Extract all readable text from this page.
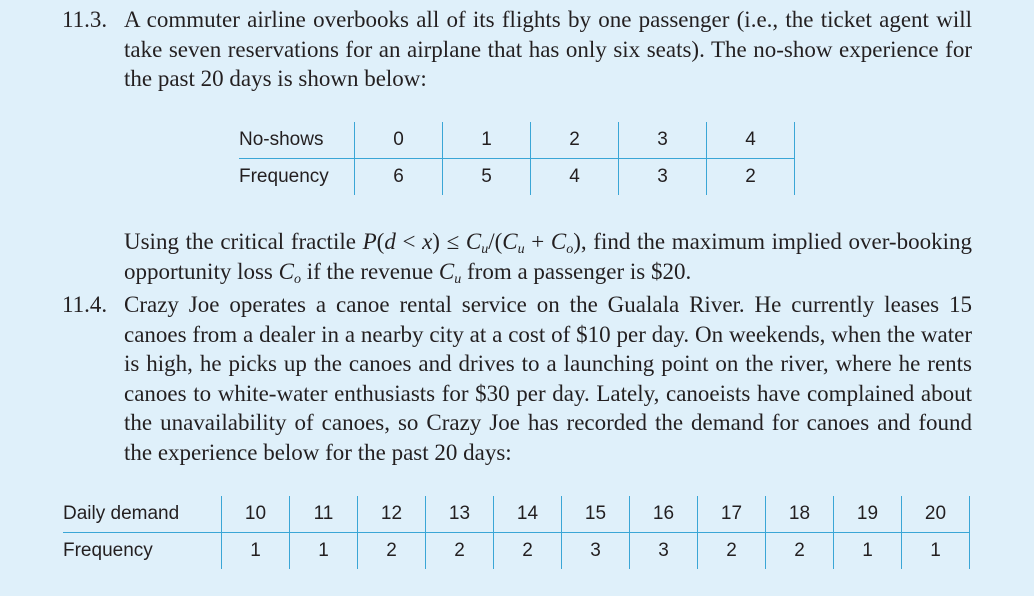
11.3. A commuter airline overbooks all of its flights by one passenger (i.e., the ticket agent will take seven reservations for an airplane that has only six seats). The no-show experience for the past 20 days is shown below:
No-shows	0	1	2	3	4
Frequency	6	5	4	3	2
Using the critical fractile $P(d < x) \le C_u/(C_u + C_o)$, find the maximum implied over-booking opportunity loss $C_o$ if the revenue $C_u$ from a passenger is $20.
11.4. Crazy Joe operates a canoe rental service on the Gualala River. He currently leases 15 canoes from a dealer in a nearby city at a cost of $10 per day. On weekends, when the water is high, he picks up the canoes and drives to a launching point on the river, where he rents canoes to white-water enthusiasts for $30 per day. Lately, canoeists have complained about the unavailability of canoes, so Crazy Joe has recorded the demand for canoes and found the experience below for the past 20 days:
Daily demand	10	11	12	13	14	15	16	17	18	19	20
Frequency	1	1	2	2	2	3	3	2	2	1	1
